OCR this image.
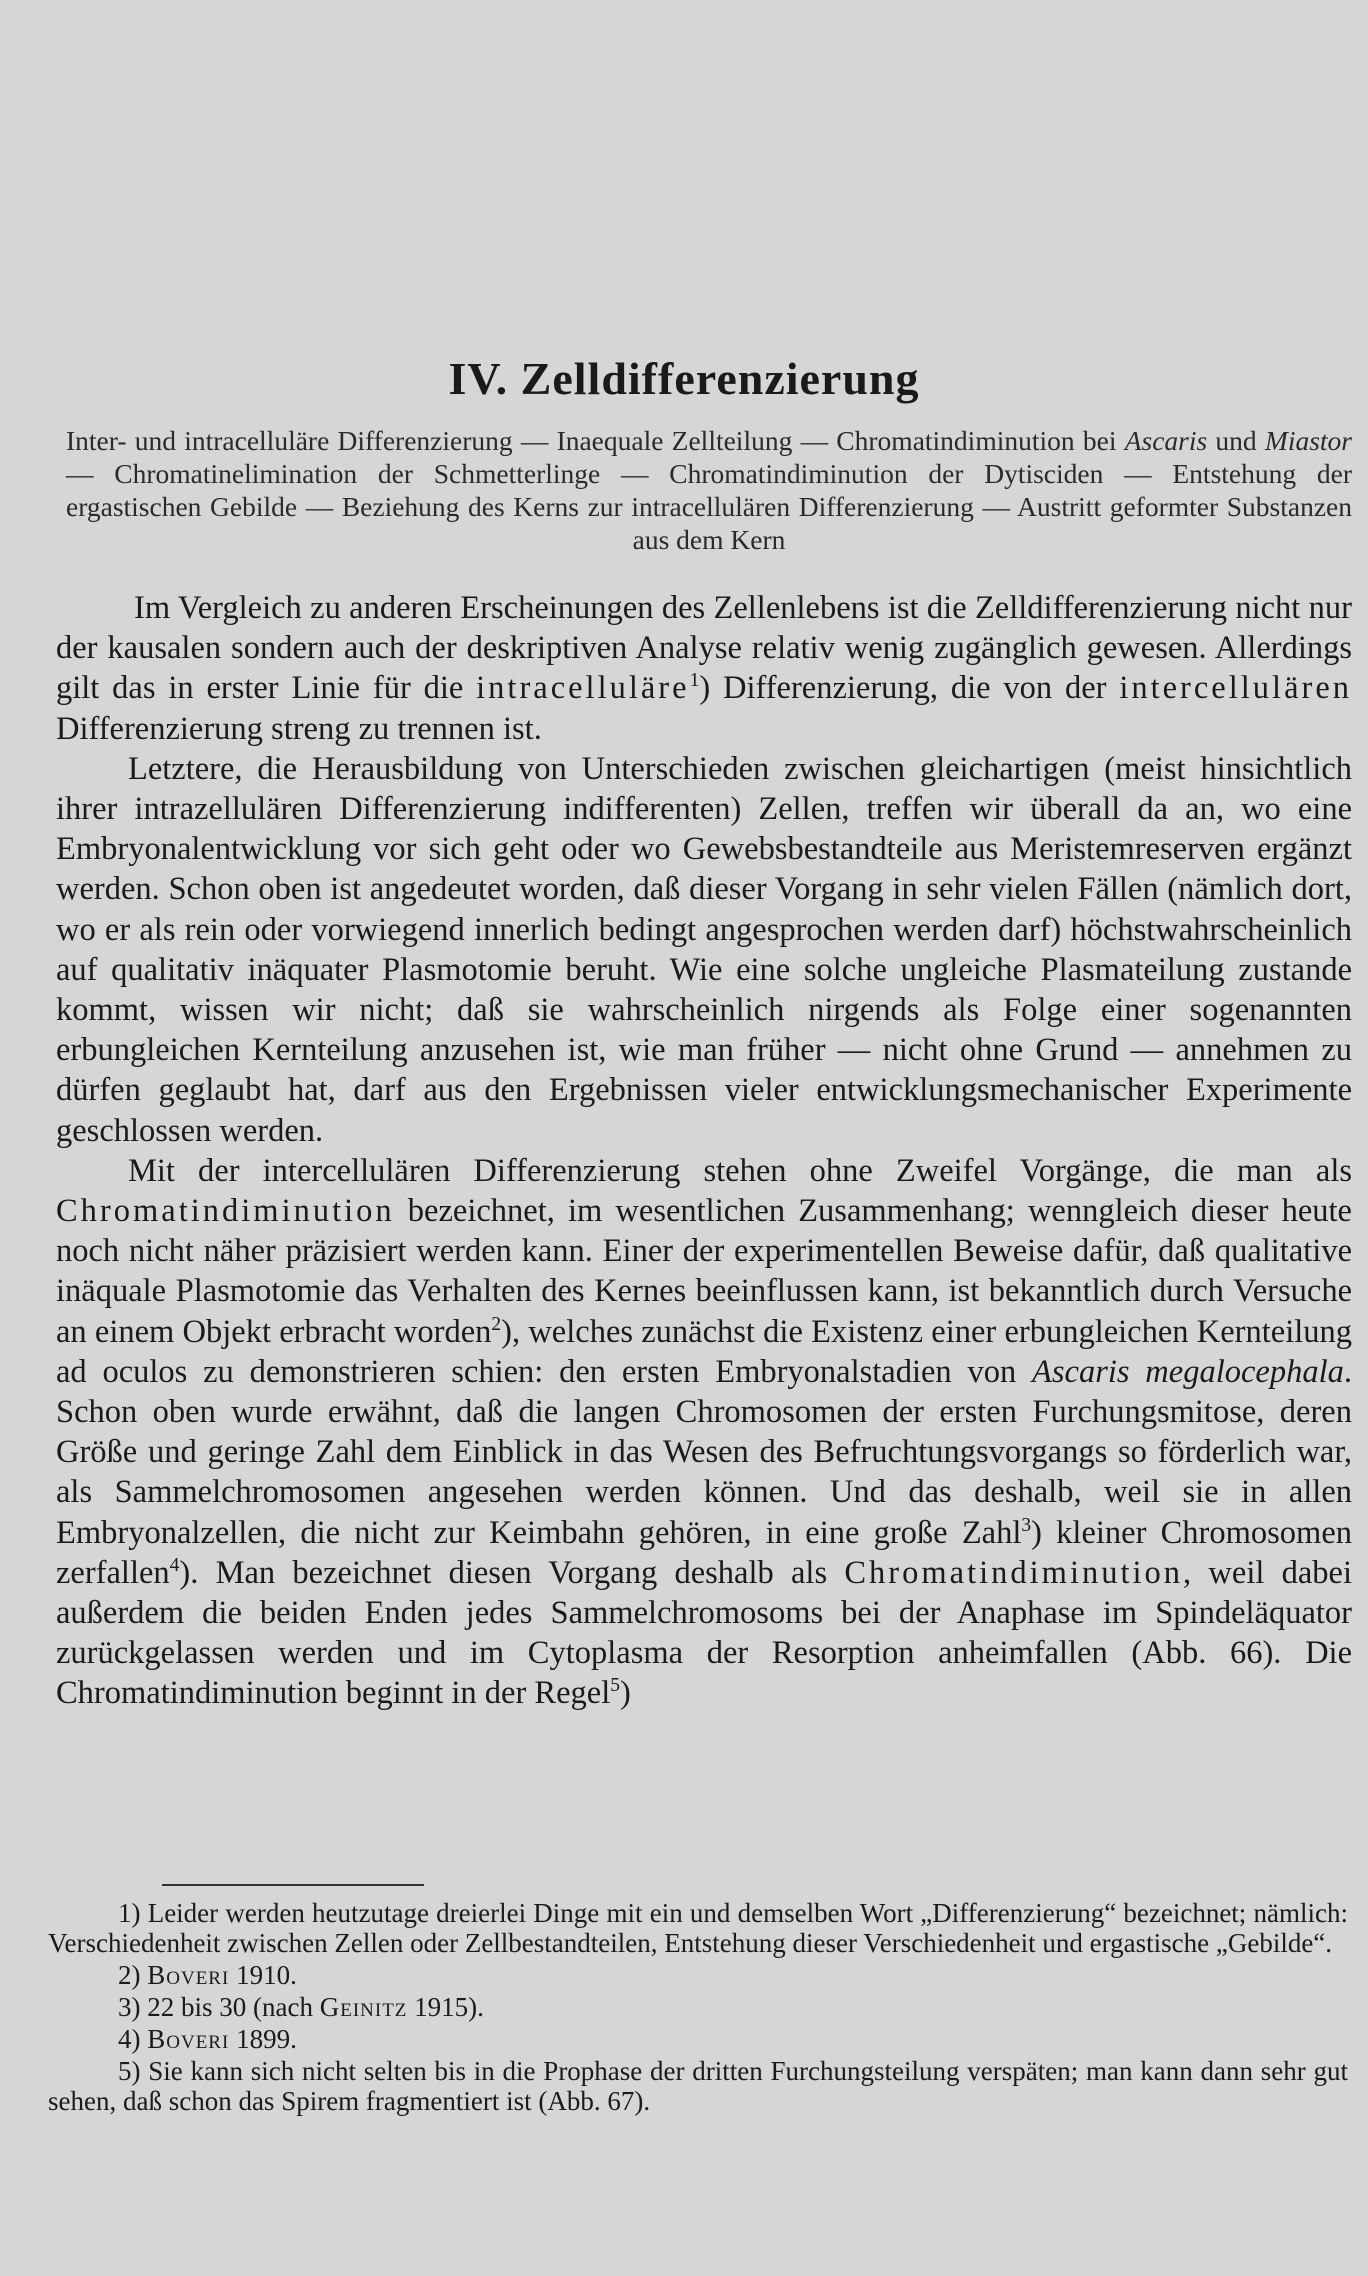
IV. Zelldifferenzierung

Inter- und intracelluläre Differenzierung — Inaequale Zellteilung — Chromatindiminution bei Ascaris und Miastor — Chromatinelimination der Schmetterlinge — Chromatindiminution der Dytisciden — Entstehung der ergastischen Gebilde — Beziehung des Kerns zur intracellulären Differenzierung — Austritt geformter Substanzen aus dem Kern

Im Vergleich zu anderen Erscheinungen des Zellenlebens ist die Zelldifferenzierung nicht nur der kausalen sondern auch der deskriptiven Analyse relativ wenig zugänglich gewesen. Allerdings gilt das in erster Linie für die intracelluläre$^1$) Differenzierung, die von der intercellulären Differenzierung streng zu trennen ist.

Letztere, die Herausbildung von Unterschieden zwischen gleichartigen (meist hinsichtlich ihrer intrazellulären Differenzierung indifferenten) Zellen, treffen wir überall da an, wo eine Embryonalentwicklung vor sich geht oder wo Gewebsbestandteile aus Meristemreserven ergänzt werden. Schon oben ist angedeutet worden, daß dieser Vorgang in sehr vielen Fällen (nämlich dort, wo er als rein oder vorwiegend innerlich bedingt angesprochen werden darf) höchstwahrscheinlich auf qualitativ inäquater Plasmotomie beruht. Wie eine solche ungleiche Plasmateilung zustande kommt, wissen wir nicht; daß sie wahrscheinlich nirgends als Folge einer sogenannten erbungleichen Kernteilung anzusehen ist, wie man früher — nicht ohne Grund — annehmen zu dürfen geglaubt hat, darf aus den Ergebnissen vieler entwicklungsmechanischer Experimente geschlossen werden.

Mit der intercellulären Differenzierung stehen ohne Zweifel Vorgänge, die man als Chromatindiminution bezeichnet, im wesentlichen Zusammenhang; wenngleich dieser heute noch nicht näher präzisiert werden kann. Einer der experimentellen Beweise dafür, daß qualitative inäquale Plasmotomie das Verhalten des Kernes beeinflussen kann, ist bekanntlich durch Versuche an einem Objekt erbracht worden$^2$), welches zunächst die Existenz einer erbungleichen Kernteilung ad oculos zu demonstrieren schien: den ersten Embryonalstadien von Ascaris megalocephala. Schon oben wurde erwähnt, daß die langen Chromosomen der ersten Furchungsmitose, deren Größe und geringe Zahl dem Einblick in das Wesen des Befruchtungsvorgangs so förderlich war, als Sammelchromosomen angesehen werden können. Und das deshalb, weil sie in allen Embryonalzellen, die nicht zur Keimbahn gehören, in eine große Zahl$^3$) kleiner Chromosomen zerfallen$^4$). Man bezeichnet diesen Vorgang deshalb als Chromatindiminution, weil dabei außerdem die beiden Enden jedes Sammelchromosoms bei der Anaphase im Spindeläquator zurückgelassen werden und im Cytoplasma der Resorption anheimfallen (Abb. 66). Die Chromatindiminution beginnt in der Regel$^5$)

1) Leider werden heutzutage dreierlei Dinge mit ein und demselben Wort „Differenzierung“ bezeichnet; nämlich: Verschiedenheit zwischen Zellen oder Zellbestandteilen, Entstehung dieser Verschiedenheit und ergastische „Gebilde“.

2) Boveri 1910.

3) 22 bis 30 (nach Geinitz 1915).

4) Boveri 1899.

5) Sie kann sich nicht selten bis in die Prophase der dritten Furchungsteilung verspäten; man kann dann sehr gut sehen, daß schon das Spirem fragmentiert ist (Abb. 67).
